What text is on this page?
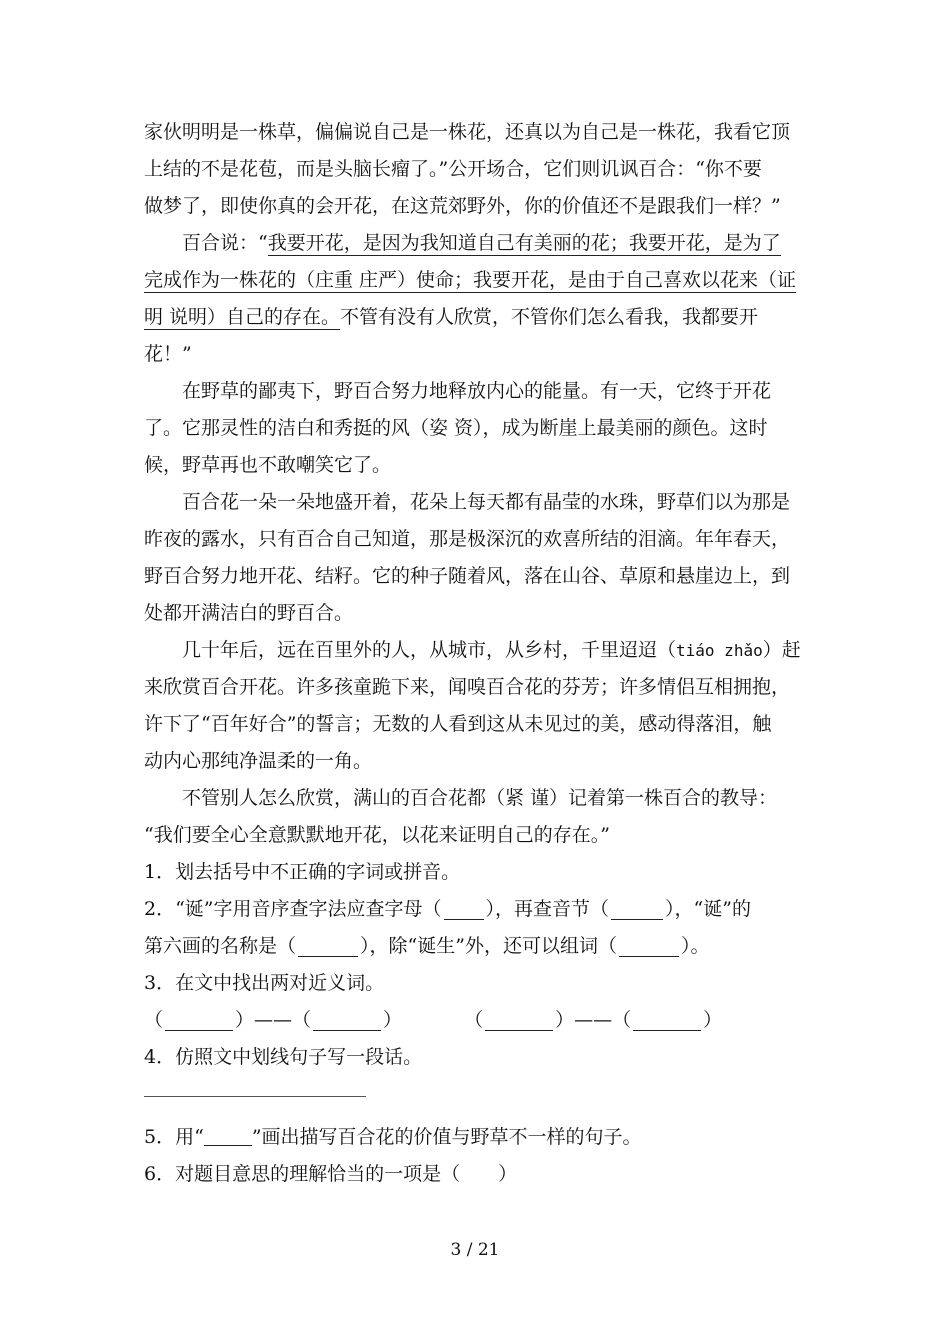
家伙明明是一株草，偏偏说自己是一株花，还真以为自己是一株花，我看它顶
上结的不是花苞，而是头脑长瘤了。”公开场合，它们则讥讽百合：“你不要
做梦了，即使你真的会开花，在这荒郊野外，你的价值还不是跟我们一样？”
百合说：“我要开花，是因为我知道自己有美丽的花；我要开花，是为了
完成作为一株花的（庄重 庄严）使命；我要开花，是由于自己喜欢以花来（证
明 说明）自己的存在。不管有没有人欣赏，不管你们怎么看我，我都要开
花！”
在野草的鄙夷下，野百合努力地释放内心的能量。有一天，它终于开花
了。它那灵性的洁白和秀挺的风（姿 资），成为断崖上最美丽的颜色。这时
候，野草再也不敢嘲笑它了。
百合花一朵一朵地盛开着，花朵上每天都有晶莹的水珠，野草们以为那是
昨夜的露水，只有百合自己知道，那是极深沉的欢喜所结的泪滴。年年春天，
野百合努力地开花、结籽。它的种子随着风，落在山谷、草原和悬崖边上，到
处都开满洁白的野百合。
几十年后，远在百里外的人，从城市，从乡村，千里迢迢（tiáo zhǎo）赶
来欣赏百合开花。许多孩童跪下来，闻嗅百合花的芬芳；许多情侣互相拥抱，
许下了“百年好合”的誓言；无数的人看到这从未见过的美，感动得落泪，触
动内心那纯净温柔的一角。
不管别人怎么欣赏，满山的百合花都（紧 谨）记着第一株百合的教导：
“我们要全心全意默默地开花，以花来证明自己的存在。”
1．划去括号中不正确的字词或拼音。
2．“诞”字用音序查字法应查字母（ ），再查音节（	），“诞”的
第六画的名称是（	），除“诞生”外，还可以组词（	）。
3．在文中找出两对近义词。
（	）——（	）	（	）——（	）
4．仿照文中划线句子写一段话。
5．用“	”画出描写百合花的价值与野草不一样的句子。
6．对题目意思的理解恰当的一项是（　　）
3 / 21
